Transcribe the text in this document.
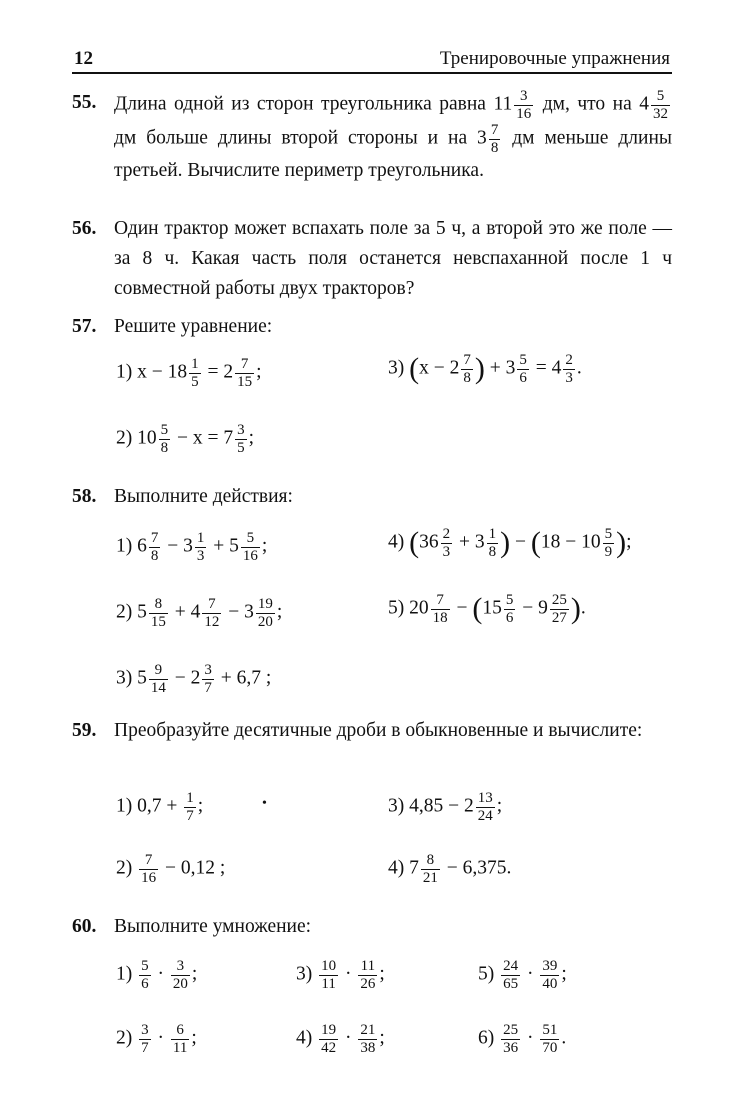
12	Тренировочные упражнения
55. Длина одной из сторон треугольника равна $11 \frac{3}{16}$ дм, что на $4 \frac{5}{32}$
дм больше длины второй стороны и на $3 \frac{7}{8}$ дм меньше длины третьей. Вычислите периметр треугольника.
56. Один трактор может вспахать поле за 5 ч, а второй это же поле — за 8 ч. Какая часть поля останется невспаханной после 1 ч совместной работы двух тракторов?
57. Решите уравнение:
1) $x - 18 \frac{1}{5} = 2 \frac{7}{15}$ ;	3) ($x - 2 \frac{7}{8}$ ) + $3 \frac{5}{6} = 4 \frac{2}{3}$ .
2) $10 \frac{5}{8} - x = 7 \frac{3}{5}$ ;
58. Выполните действия:
1) $6 \frac{7}{8} - 3 \frac{1}{3} + 5 \frac{5}{16}$ ;	4) ($36 \frac{2}{3} + 3 \frac{1}{8}$ ) − ($18 - 10 \frac{5}{9}$ );
2) $5 \frac{8}{15} + 4 \frac{7}{12} - 3 \frac{19}{20}$ ;	5) $20 \frac{7}{18} - (15 \frac{5}{6} - 9 \frac{25}{27}$ ).
3) $5 \frac{9}{14} - 2 \frac{3}{7} + 6,7$ ;
59. Преобразуйте десятичные дроби в обыкновенные и вычислите:
1) $0,7 + \frac{1}{7}$ ;	•	3) $4,85 - 2 \frac{13}{24}$ ;
$2) \frac{7}{16} - 0,12$ ;	4) $7 \frac{8}{21} - 6,375$.
60. Выполните умножение:
$1) \frac{5}{6} \cdot \frac{3}{20}$ ;	$3) \frac{10}{11} \cdot \frac{11}{26}$ ;	$5) \frac{24}{65} \cdot \frac{39}{40}$ ;
$2) \frac{3}{7} \cdot \frac{6}{11}$ ;	$4) \frac{19}{42} \cdot \frac{21}{38}$ ;	$6) \frac{25}{36} \cdot \frac{51}{70}$ .
